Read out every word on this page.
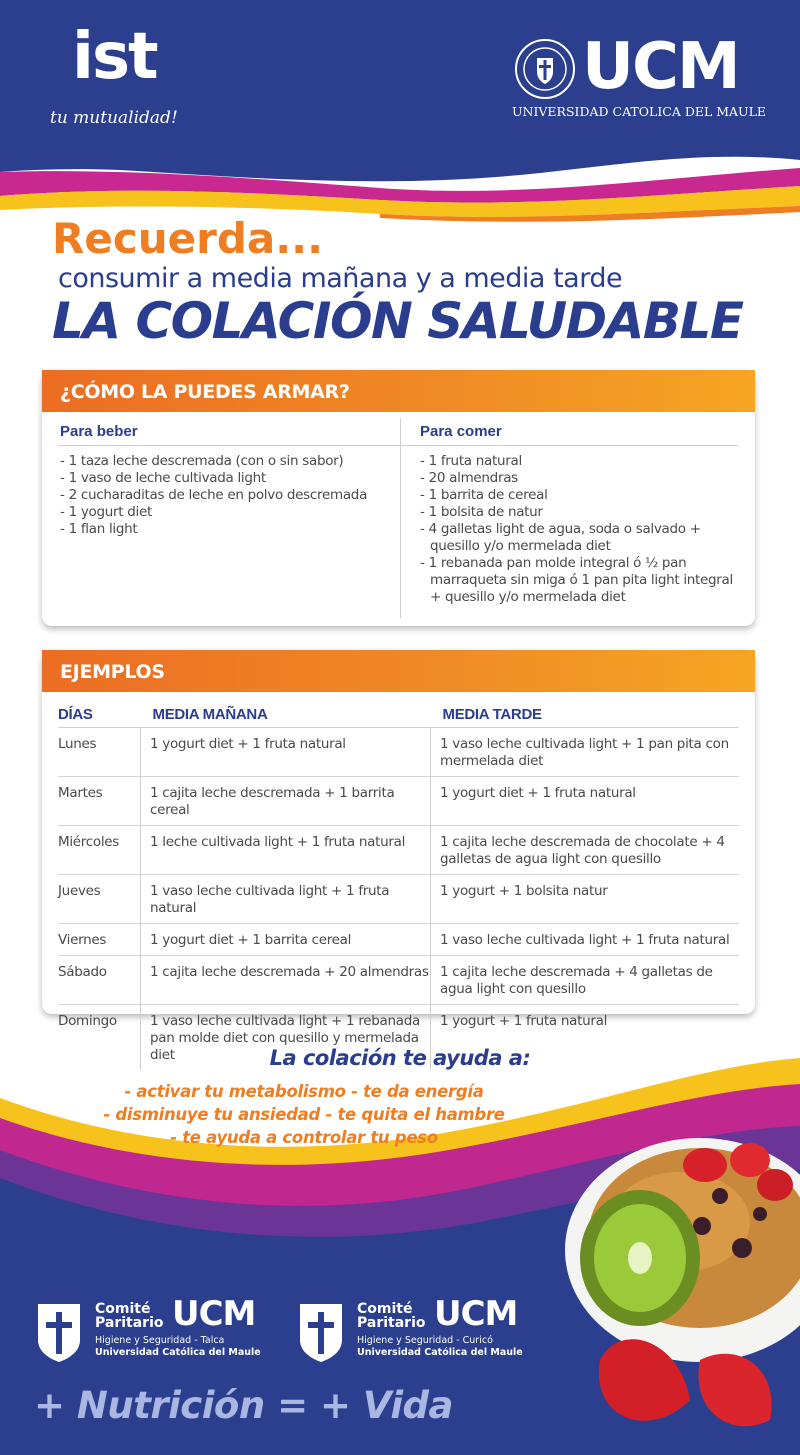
ist
tu mutualidad!
UCM
UNIVERSIDAD CATOLICA DEL MAULE
Recuerda...
consumir a media mañana y a media tarde
LA COLACIÓN SALUDABLE
¿CÓMO LA PUEDES ARMAR?
Para beber	Para comer
- 1 taza leche descremada (con o sin sabor)
- 1 vaso de leche cultivada light
- 2 cucharaditas de leche en polvo descremada
- 1 yogurt diet
- 1 flan light
- 1 fruta natural
- 20 almendras
- 1 barrita de cereal
- 1 bolsita de natur
- 4 galletas light de agua, soda o salvado + quesillo y/o mermelada diet
- 1 rebanada pan molde integral ó ½ pan marraqueta sin miga ó 1 pan pita light integral + quesillo y/o mermelada diet
EJEMPLOS
DÍAS	MEDIA MAÑANA	MEDIA TARDE
Lunes	1 yogurt diet + 1 fruta natural	1 vaso leche cultivada light + 1 pan pita con mermelada diet
Martes	1 cajita leche descremada + 1 barrita cereal	1 yogurt diet + 1 fruta natural
Miércoles	1 leche cultivada light + 1 fruta natural	1 cajita leche descremada de chocolate + 4 galletas de agua light con quesillo
Jueves	1 vaso leche cultivada light + 1 fruta natural	1 yogurt + 1 bolsita natur
Viernes	1 yogurt diet + 1 barrita cereal	1 vaso leche cultivada light + 1 fruta natural
Sábado	1 cajita leche descremada + 20 almendras	1 cajita leche descremada + 4 galletas de agua light con quesillo
Domingo	1 vaso leche cultivada light + 1 rebanada pan molde diet con quesillo y mermelada diet	1 yogurt + 1 fruta natural
La colación te ayuda a:
- activar tu metabolismo - te da energía
- disminuye tu ansiedad - te quita el hambre
- te ayuda a controlar tu peso
Comité
Paritario UCM
Higiene y Seguridad - Talca
Universidad Católica del Maule
Comité
Paritario UCM
Higiene y Seguridad - Curicó
Universidad Católica del Maule
+ Nutrición = + Vida
